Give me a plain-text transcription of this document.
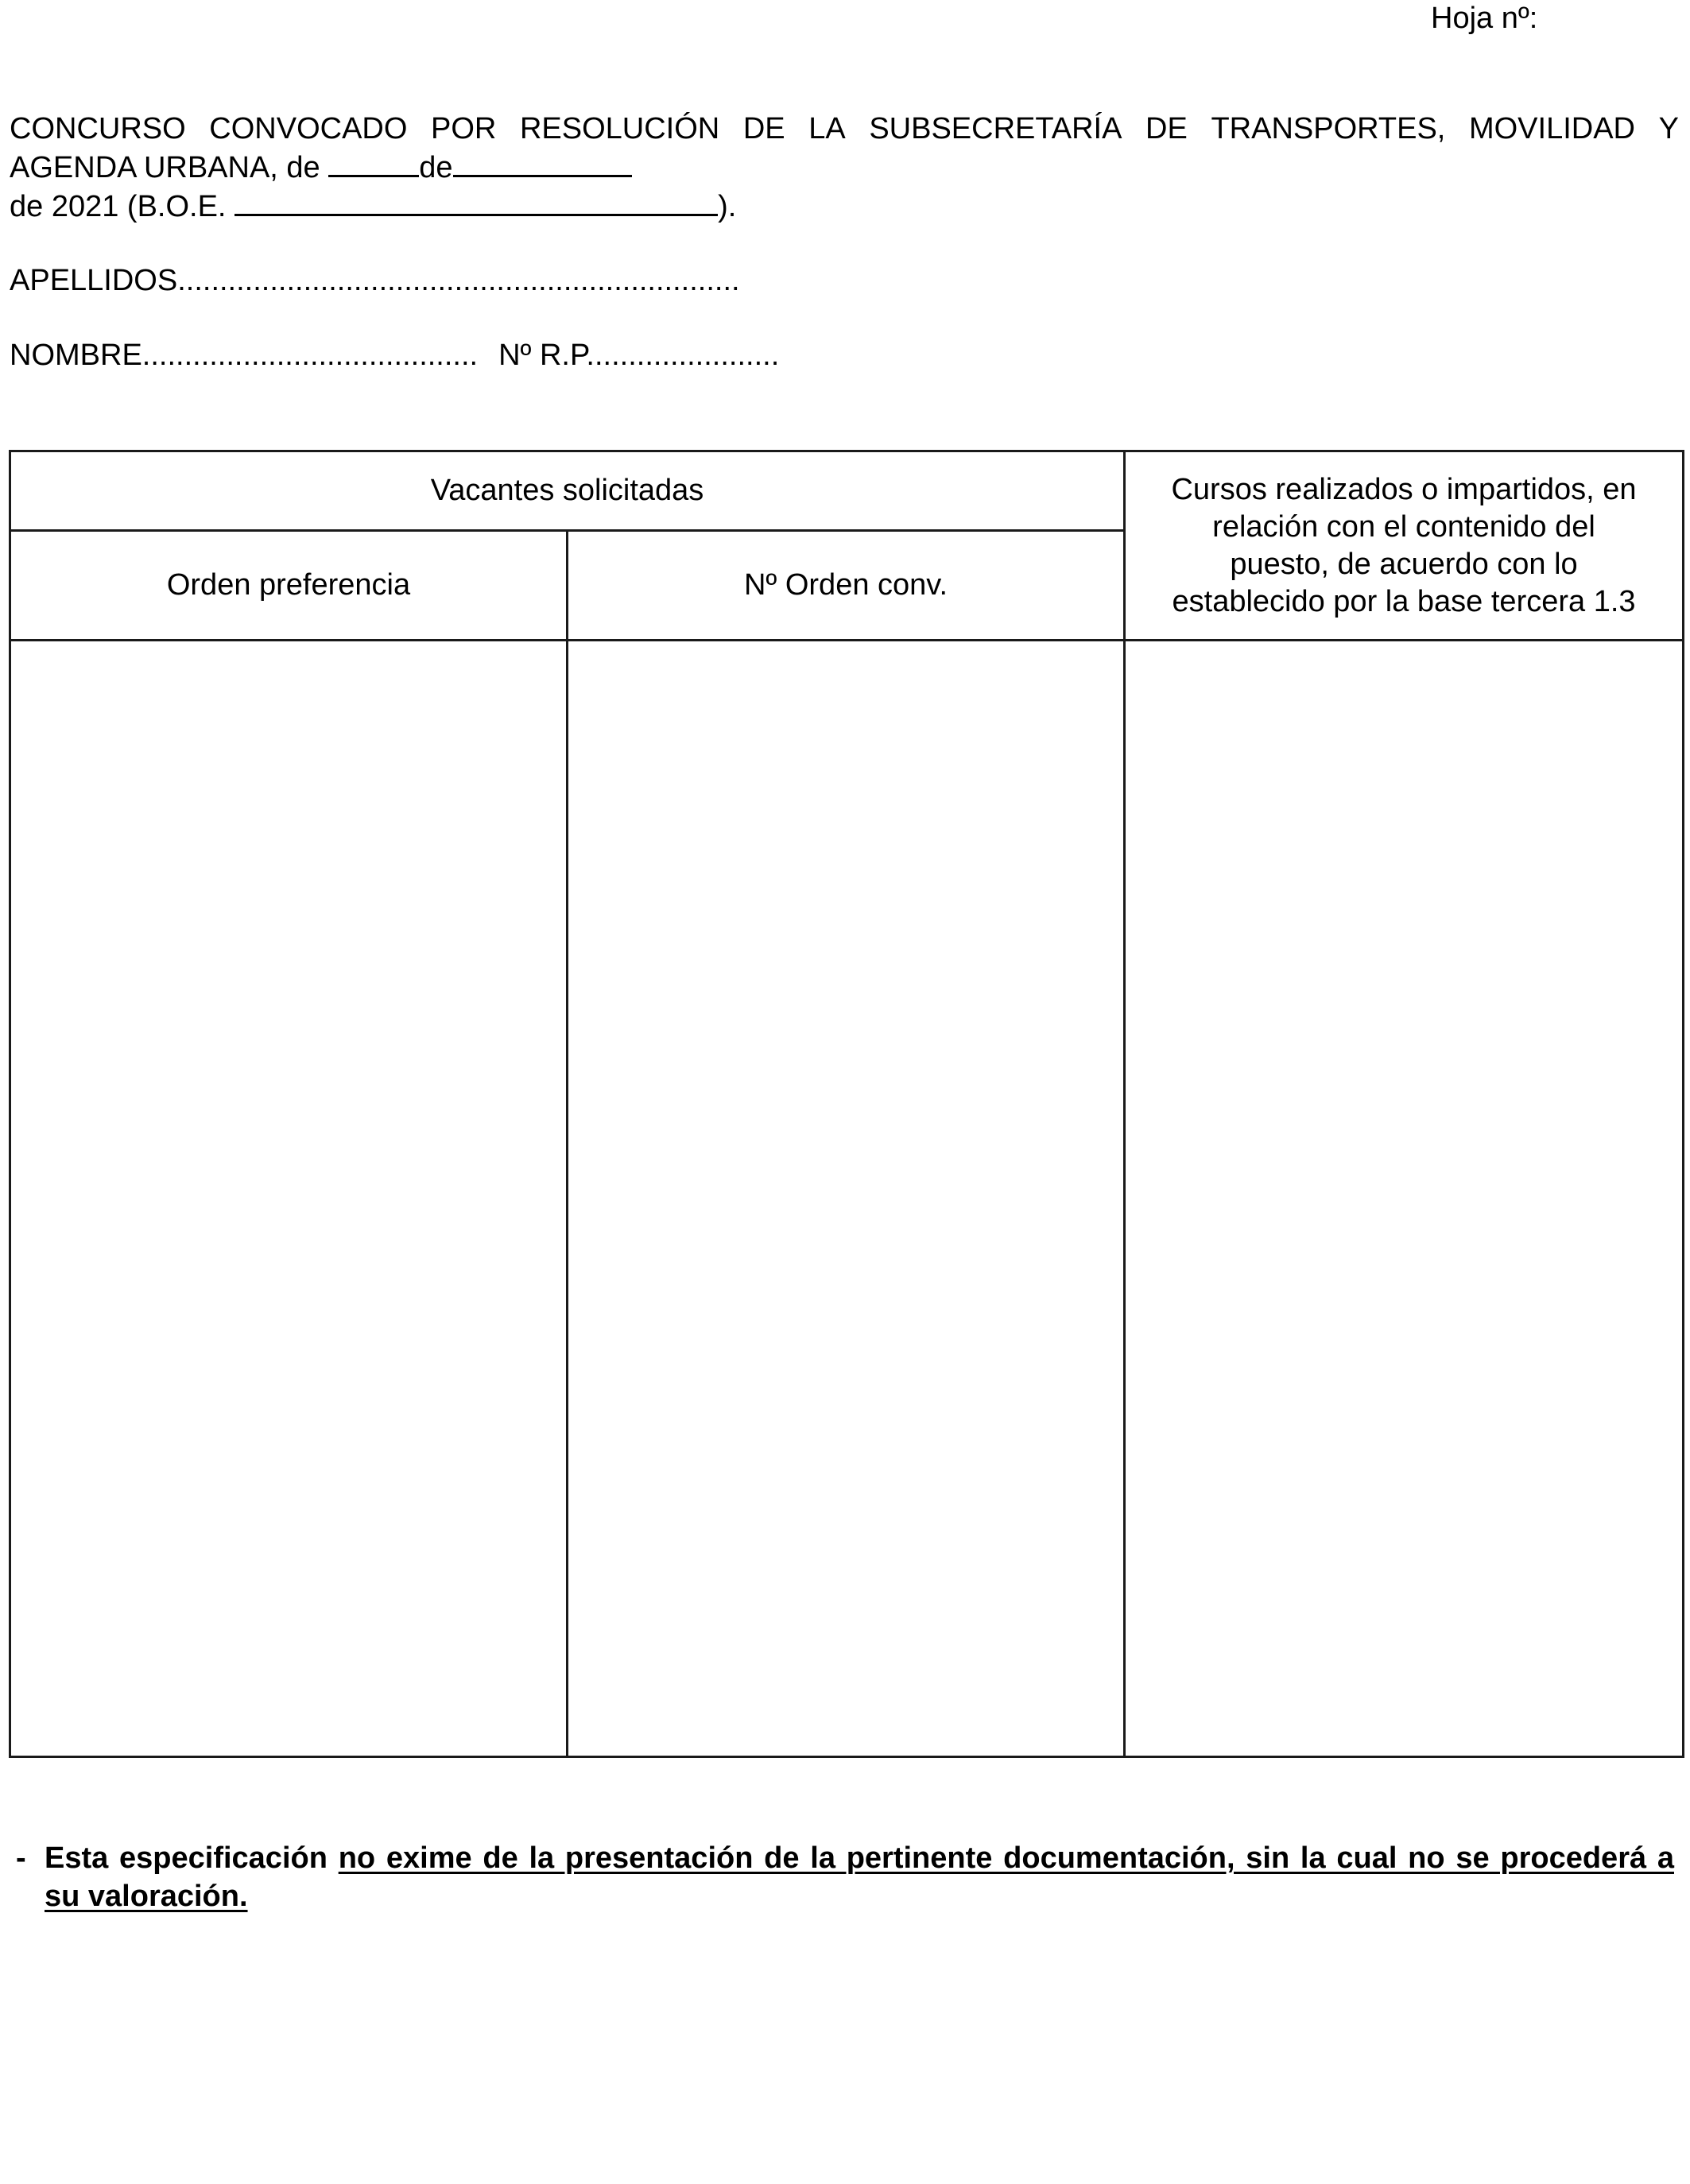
Hoja nº:
CONCURSO CONVOCADO POR RESOLUCIÓN DE LA SUBSECRETARÍA DE TRANSPORTES, MOVILIDAD Y
AGENDA URBANA, de	de
de 2021 (B.O.E.	).
APELLIDOS...................................................................
NOMBRE........................................ Nº R.P.......................
Vacantes solicitadas		Cursos realizados o impartidos, en
relación con el contenido del
puesto, de acuerdo con lo
establecido por la base tercera 1.3

Orden preferencia	Nº Orden conv.	

- Esta especificación no exime de la presentación de la pertinente documentación, sin la cual no se procederá a su valoración.
